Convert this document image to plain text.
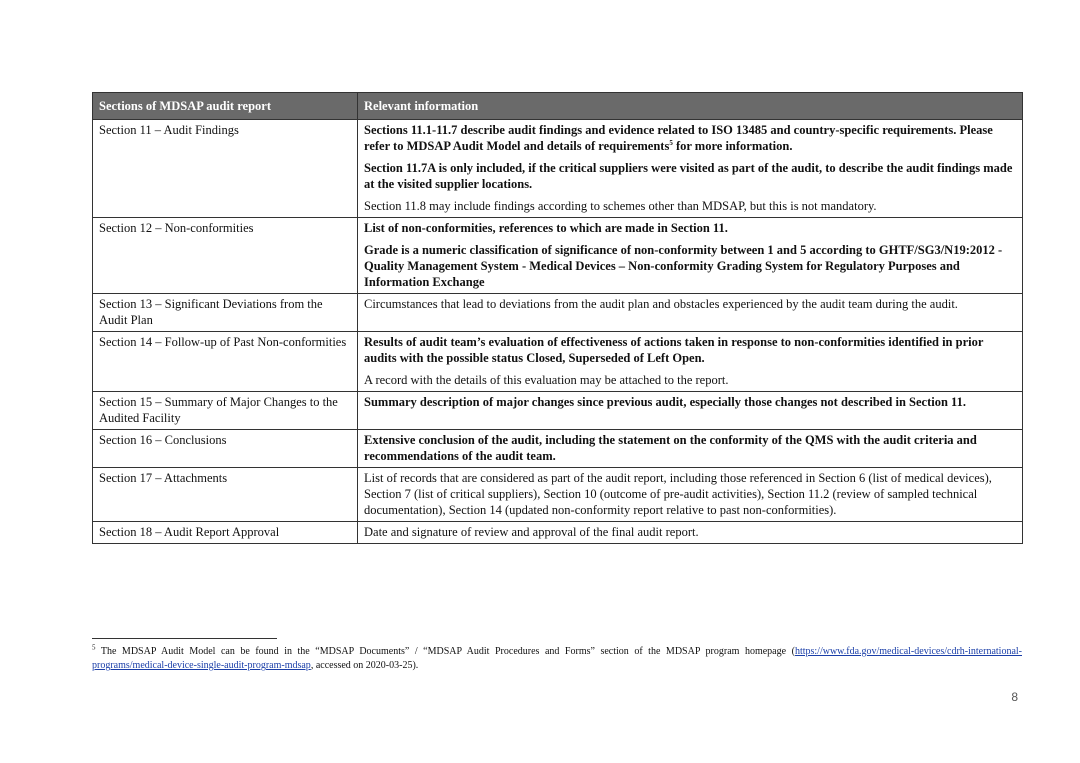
Sections of MDSAP audit report	Relevant information
Section 11 – Audit Findings	Sections 11.1-11.7 describe audit findings and evidence related to ISO 13485 and country-specific requirements. Please refer to MDSAP Audit Model and details of requirements$^5$ for more information.

Section 11.7A is only included, if the critical suppliers were visited as part of the audit, to describe the audit findings made at the visited supplier locations.

Section 11.8 may include findings according to schemes other than MDSAP, but this is not mandatory.

Section 12 – Non-conformities	List of non-conformities, references to which are made in Section 11.

Grade is a numeric classification of significance of non-conformity between 1 and 5 according to GHTF/SG3/N19:2012 - Quality Management System - Medical Devices – Non-conformity Grading System for Regulatory Purposes and Information Exchange

Section 13 – Significant Deviations from the Audit Plan	Circumstances that lead to deviations from the audit plan and obstacles experienced by the audit team during the audit.

Section 14 – Follow-up of Past Non-conformities	Results of audit team’s evaluation of effectiveness of actions taken in response to non-conformities identified in prior audits with the possible status Closed, Superseded of Left Open.

A record with the details of this evaluation may be attached to the report.

Section 15 – Summary of Major Changes to the Audited Facility	Summary description of major changes since previous audit, especially those changes not described in Section 11.

Section 16 – Conclusions	Extensive conclusion of the audit, including the statement on the conformity of the QMS with the audit criteria and recommendations of the audit team.

Section 17 – Attachments	List of records that are considered as part of the audit report, including those referenced in Section 6 (list of medical devices), Section 7 (list of critical suppliers), Section 10 (outcome of pre-audit activities), Section 11.2 (review of sampled technical documentation), Section 14 (updated non-conformity report relative to past non-conformities).

Section 18 – Audit Report Approval	Date and signature of review and approval of the final audit report.

$^5$ The MDSAP Audit Model can be found in the “MDSAP Documents” / “MDSAP Audit Procedures and Forms” section of the MDSAP program homepage (https://www.fda.gov/medical-devices/cdrh-international-programs/medical-device-single-audit-program-mdsap, accessed on 2020-03-25).
8
